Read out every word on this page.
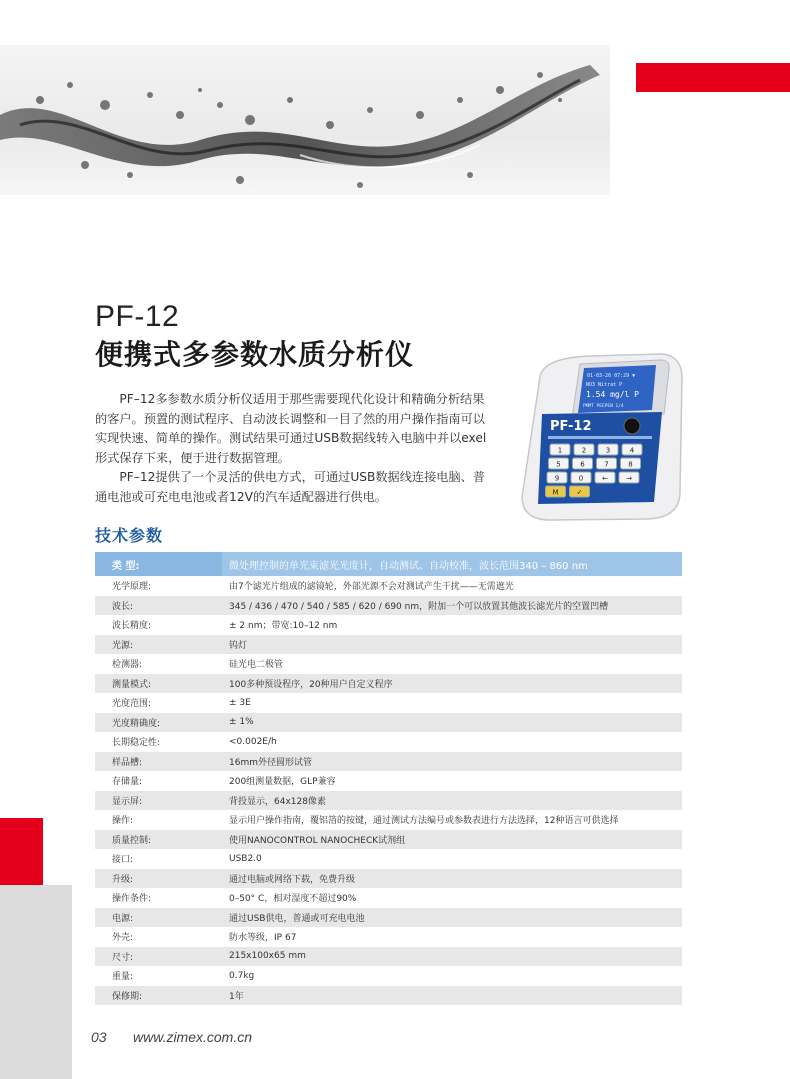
PF-12
便携式多参数水质分析仪

PF–12多参数水质分析仪适用于那些需要现代化设计和精确分析结果的客户。预置的测试程序、自动波长调整和一目了然的用户操作指南可以实现快速、简单的操作。测试结果可通过USB数据线转入电脑中并以exel形式保存下来，便于进行数据管理。

PF–12提供了一个灵活的供电方式，可通过USB数据线连接电脑、普通电池或可充电电池或者12V的汽车适配器进行供电。

01-03-26 07:29 ▼
NO3 Nitrat P
1.54 mg/l P
PMMT PEEPEN 1/4
PF-12
1	2	3	4
5	6	7	8
9	0	←	→
M	✓
技术参数
类 型:	微处理控制的单光束滤光光度计，自动测试、自动校准，波长范围340 – 860 nm
光学原理:	由7个滤光片组成的滤镜轮，外部光源不会对测试产生干扰——无需遮光
波长:	345 / 436 / 470 / 540 / 585 / 620 / 690 nm，附加一个可以放置其他波长滤光片的空置凹槽
波长精度:	± 2 nm；带宽:10–12 nm
光源:	钨灯
检测器:	硅光电二极管
测量模式:	100多种预设程序，20种用户自定义程序
光度范围:	± 3E
光度精确度:	± 1%
长期稳定性:	<0.002E/h
样品槽:	16mm外径圆形试管
存储量:	200组测量数据，GLP兼容
显示屏:	背投显示，64x128像素
操作:	显示用户操作指南，覆铝箔的按键，通过测试方法编号或参数表进行方法选择，12种语言可供选择
质量控制:	使用NANOCONTROL NANOCHECK试剂组
接口:	USB2.0
升级:	通过电脑或网络下载，免费升级
操作条件:	0–50° C，相对湿度不超过90%
电源:	通过USB供电，普通或可充电电池
外壳:	防水等级，IP 67
尺寸:	215x100x65 mm
重量:	0.7kg
保修期:	1年
03 www.zimex.com.cn
